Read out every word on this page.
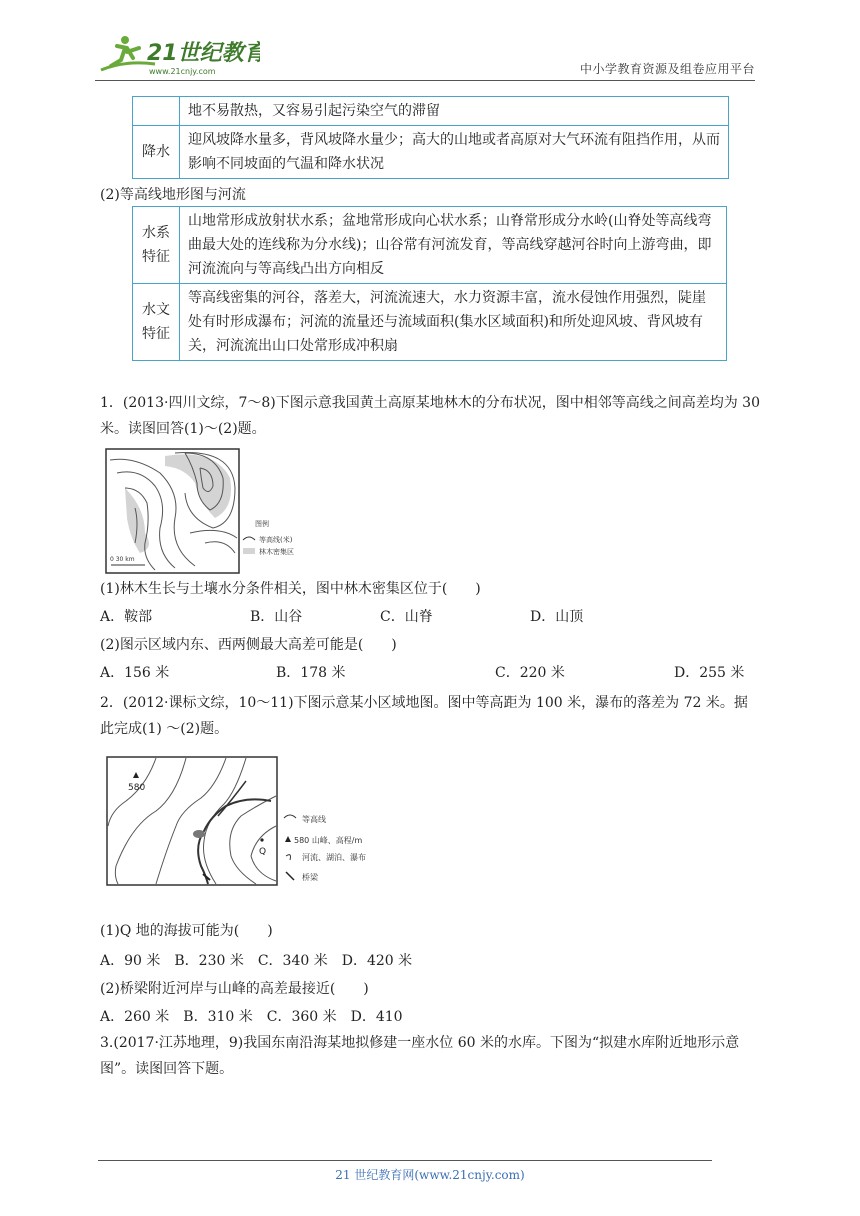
21世纪教育
www.21cnjy.com	中小学教育资源及组卷应用平台
	地不易散热，又容易引起污染空气的滞留
降水	迎风坡降水量多，背风坡降水量少；高大的山地或者高原对大气环流有阻挡作用，从而影响不同坡面的气温和降水状况
(2)等高线地形图与河流
水系特征	山地常形成放射状水系；盆地常形成向心状水系；山脊常形成分水岭(山脊处等高线弯曲最大处的连线称为分水线)；山谷常有河流发育，等高线穿越河谷时向上游弯曲，即河流流向与等高线凸出方向相反
水文特征	等高线密集的河谷，落差大，河流流速大，水力资源丰富，流水侵蚀作用强烈，陡崖处有时形成瀑布；河流的流量还与流域面积(集水区域面积)和所处迎风坡、背风坡有关，河流流出山口处常形成冲积扇
1．(2013·四川文综，7～8)下图示意我国黄土高原某地林木的分布状况，图中相邻等高线之间高差均为 30 米。读图回答(1)～(2)题。
0 30 km
图例
等高线(米)
林木密集区
(1)林木生长与土壤水分条件相关，图中林木密集区位于(　　)
A．鞍部	B．山谷	C．山脊	D．山顶
(2)图示区域内东、西两侧最大高差可能是(　　)
A．156 米	B．178 米	C．220 米	D．255 米
2．(2012·课标文综，10～11)下图示意某小区域地图。图中等高距为 100 米，瀑布的落差为 72 米。据此完成(1) ～(2)题。
580
Q
等高线
580 山峰、高程/m
河流、湖泊、瀑布
桥梁
(1)Q 地的海拔可能为(　　)
A．90 米　B．230 米　C．340 米　D．420 米
(2)桥梁附近河岸与山峰的高差最接近(　　)
A．260 米　B．310 米　C．360 米　D．410
3.(2017·江苏地理，9)我国东南沿海某地拟修建一座水位 60 米的水库。下图为“拟建水库附近地形示意图”。读图回答下题。
21 世纪教育网(www.21cnjy.com)
